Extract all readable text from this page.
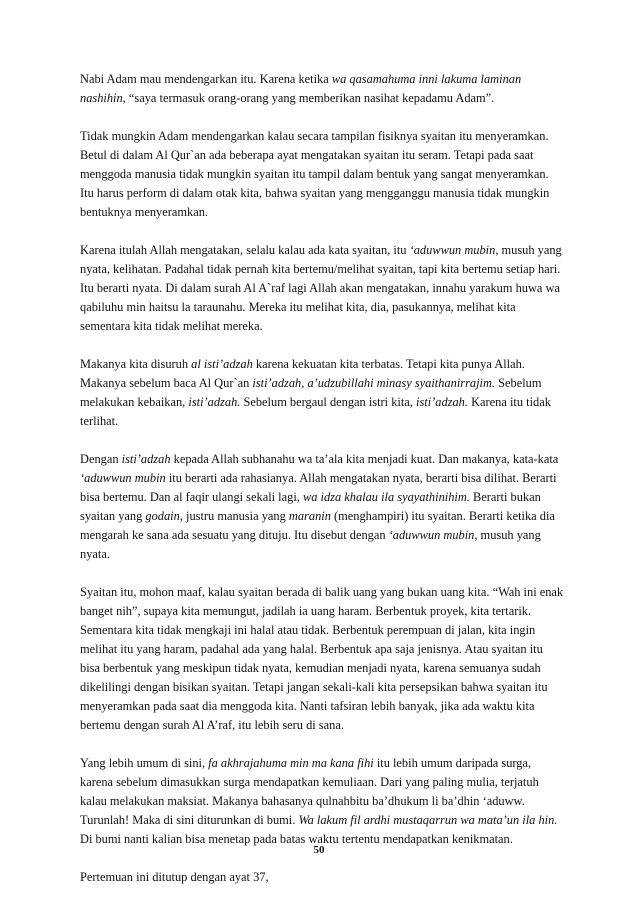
Nabi Adam mau mendengarkan itu. Karena ketika wa qasamahuma inni lakuma laminan nashihin, “saya termasuk orang-orang yang memberikan nasihat kepadamu Adam”.

Tidak mungkin Adam mendengarkan kalau secara tampilan fisiknya syaitan itu menyeramkan. Betul di dalam Al Qur`an ada beberapa ayat mengatakan syaitan itu seram. Tetapi pada saat menggoda manusia tidak mungkin syaitan itu tampil dalam bentuk yang sangat menyeramkan. Itu harus perform di dalam otak kita, bahwa syaitan yang mengganggu manusia tidak mungkin bentuknya menyeramkan.

Karena itulah Allah mengatakan, selalu kalau ada kata syaitan, itu ‘aduwwun mubin, musuh yang nyata, kelihatan. Padahal tidak pernah kita bertemu/melihat syaitan, tapi kita bertemu setiap hari. Itu berarti nyata. Di dalam surah Al A`raf lagi Allah akan mengatakan, innahu yarakum huwa wa qabiluhu min haitsu la taraunahu. Mereka itu melihat kita, dia, pasukannya, melihat kita sementara kita tidak melihat mereka.

Makanya kita disuruh al isti’adzah karena kekuatan kita terbatas. Tetapi kita punya Allah. Makanya sebelum baca Al Qur`an isti’adzah, a’udzubillahi minasy syaithanirrajim. Sebelum melakukan kebaikan, isti’adzah. Sebelum bergaul dengan istri kita, isti’adzah. Karena itu tidak terlihat.

Dengan isti’adzah kepada Allah subhanahu wa ta’ala kita menjadi kuat. Dan makanya, kata-kata ‘aduwwun mubin itu berarti ada rahasianya. Allah mengatakan nyata, berarti bisa dilihat. Berarti bisa bertemu. Dan al faqir ulangi sekali lagi, wa idza khalau ila syayathinihim. Berarti bukan syaitan yang godain, justru manusia yang maranin (menghampiri) itu syaitan. Berarti ketika dia mengarah ke sana ada sesuatu yang dituju. Itu disebut dengan ‘aduwwun mubin, musuh yang nyata.

Syaitan itu, mohon maaf, kalau syaitan berada di balik uang yang bukan uang kita. “Wah ini enak banget nih”, supaya kita memungut, jadilah ia uang haram. Berbentuk proyek, kita tertarik. Sementara kita tidak mengkaji ini halal atau tidak. Berbentuk perempuan di jalan, kita ingin melihat itu yang haram, padahal ada yang halal. Berbentuk apa saja jenisnya. Atau syaitan itu bisa berbentuk yang meskipun tidak nyata, kemudian menjadi nyata, karena semuanya sudah dikelilingi dengan bisikan syaitan. Tetapi jangan sekali-kali kita persepsikan bahwa syaitan itu menyeramkan pada saat dia menggoda kita. Nanti tafsiran lebih banyak, jika ada waktu kita bertemu dengan surah Al A’raf, itu lebih seru di sana.

Yang lebih umum di sini, fa akhrajahuma min ma kana fihi itu lebih umum daripada surga, karena sebelum dimasukkan surga mendapatkan kemuliaan. Dari yang paling mulia, terjatuh kalau melakukan maksiat. Makanya bahasanya qulnahbitu ba’dhukum li ba’dhin ‘aduww. Turunlah! Maka di sini diturunkan di bumi. Wa lakum fil ardhi mustaqarrun wa mata’un ila hin. Di bumi nanti kalian bisa menetap pada batas waktu tertentu mendapatkan kenikmatan.

Pertemuan ini ditutup dengan ayat 37,

50
